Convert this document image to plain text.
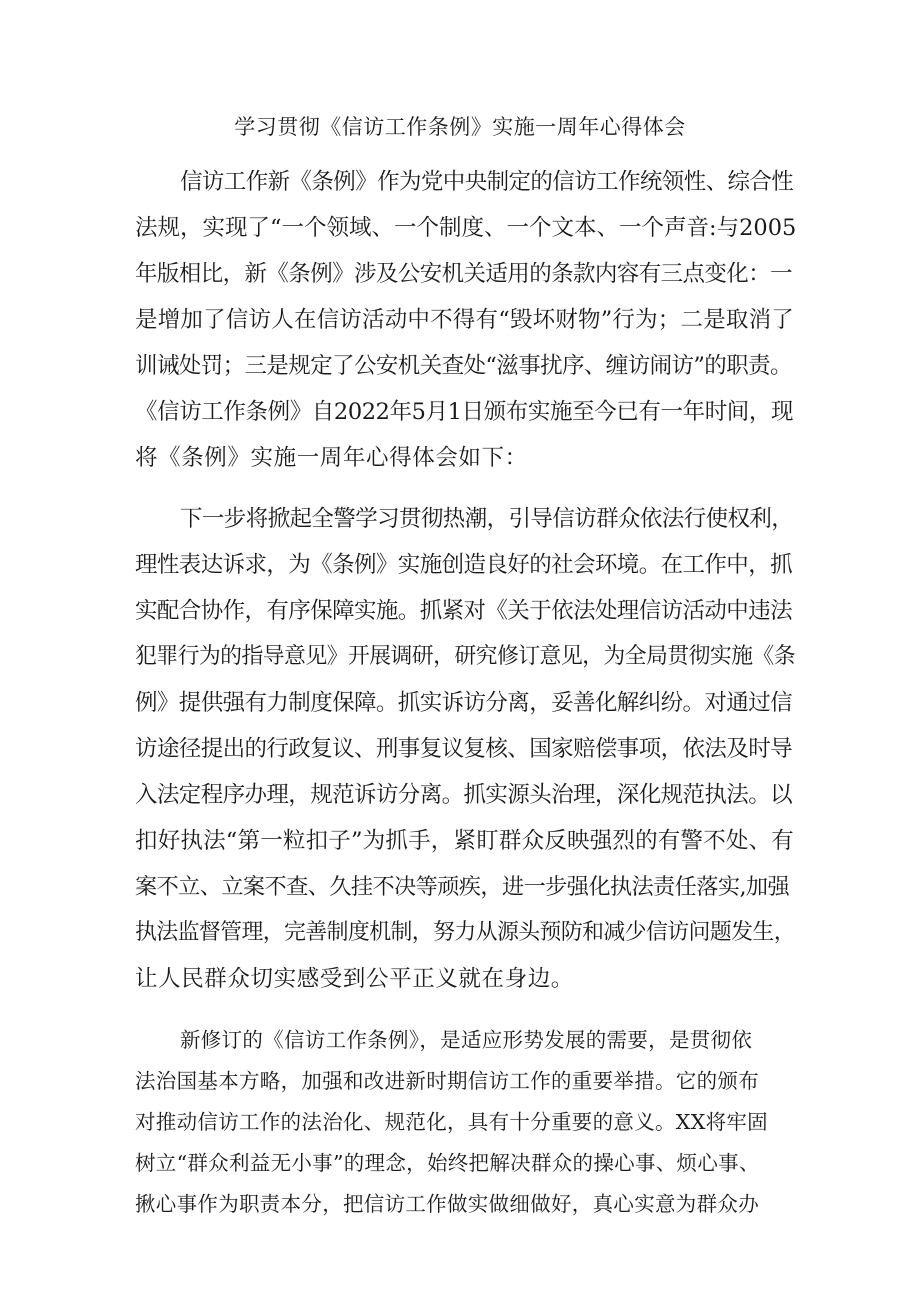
学习贯彻《信访工作条例》实施一周年心得体会

信访工作新《条例》作为党中央制定的信访工作统领性、综合性

法规，实现了“一个领域、一个制度、一个文本、一个声音:与2005

年版相比，新《条例》涉及公安机关适用的条款内容有三点变化：一

是增加了信访人在信访活动中不得有“毁坏财物”行为；二是取消了

训诫处罚；三是规定了公安机关查处“滋事扰序、缠访闹访”的职责。

《信访工作条例》自2022年5月1日颁布实施至今已有一年时间，现

将《条例》实施一周年心得体会如下：

下一步将掀起全警学习贯彻热潮，引导信访群众依法行使权利，

理性表达诉求，为《条例》实施创造良好的社会环境。在工作中，抓

实配合协作，有序保障实施。抓紧对《关于依法处理信访活动中违法

犯罪行为的指导意见》开展调研，研究修订意见，为全局贯彻实施《条

例》提供强有力制度保障。抓实诉访分离，妥善化解纠纷。对通过信

访途径提出的行政复议、刑事复议复核、国家赔偿事项，依法及时导

入法定程序办理，规范诉访分离。抓实源头治理，深化规范执法。以

扣好执法“第一粒扣子”为抓手，紧盯群众反映强烈的有警不处、有

案不立、立案不查、久挂不决等顽疾，进一步强化执法责任落实,加强

执法监督管理，完善制度机制，努力从源头预防和减少信访问题发生，

让人民群众切实感受到公平正义就在身边。

新修订的《信访工作条例》，是适应形势发展的需要，是贯彻依

法治国基本方略，加强和改进新时期信访工作的重要举措。它的颁布

对推动信访工作的法治化、规范化，具有十分重要的意义。XX将牢固

树立“群众利益无小事”的理念，始终把解决群众的操心事、烦心事、

揪心事作为职责本分，把信访工作做实做细做好，真心实意为群众办
